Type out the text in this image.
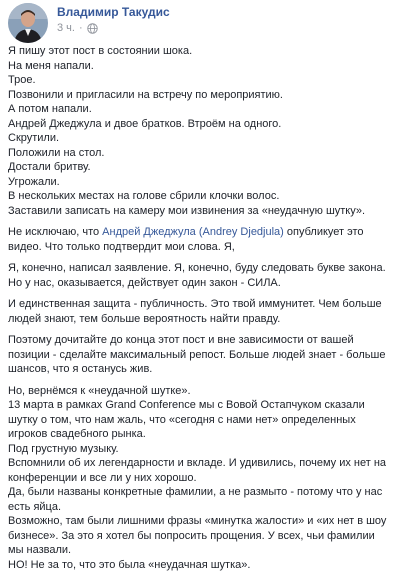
Владимир Такудис
3 ч. ·
Я пишу этот пост в состоянии шока.
На меня напали.
Трое.
Позвонили и пригласили на встречу по мероприятию.
А потом напали.
Андрей Джеджула и двое братков. Втроём на одного.
Скрутили.
Положили на стол.
Достали бритву.
Угрожали.
В нескольких местах на голове сбрили клочки волос.
Заставили записать на камеру мои извинения за «неудачную шутку».
Не исключаю, что Андрей Джеджула (Andrey Djedjula) опубликует это видео. Что только подтвердит мои слова. Я,
Я, конечно, написал заявление. Я, конечно, буду следовать букве закона.
Но у нас, оказывается, действует один закон - СИЛА.
И единственная защита - публичность. Это твой иммунитет. Чем больше
людей знают, тем больше вероятность найти правду.
Поэтому дочитайте до конца этот пост и вне зависимости от вашей
позиции - сделайте максимальный репост. Больше людей знает - больше
шансов, что я останусь жив.
Но, вернёмся к «неудачной шутке».
13 марта в рамках Grand Conference мы с Вовой Остапчуком сказали
шутку о том, что нам жаль, что «сегодня с нами нет» определенных
игроков свадебного рынка.
Под грустную музыку.
Вспомнили об их легендарности и вкладе. И удивились, почему их нет на
конференции и все ли у них хорошо.
Да, были названы конкретные фамилии, а не размыто - потому что у нас
есть яйца.
Возможно, там были лишними фразы «минутка жалости» и «их нет в шоу
бизнесе». За это я хотел бы попросить прощения. У всех, чьи фамилии
мы назвали.
НО! Не за то, что это была «неудачная шутка».
